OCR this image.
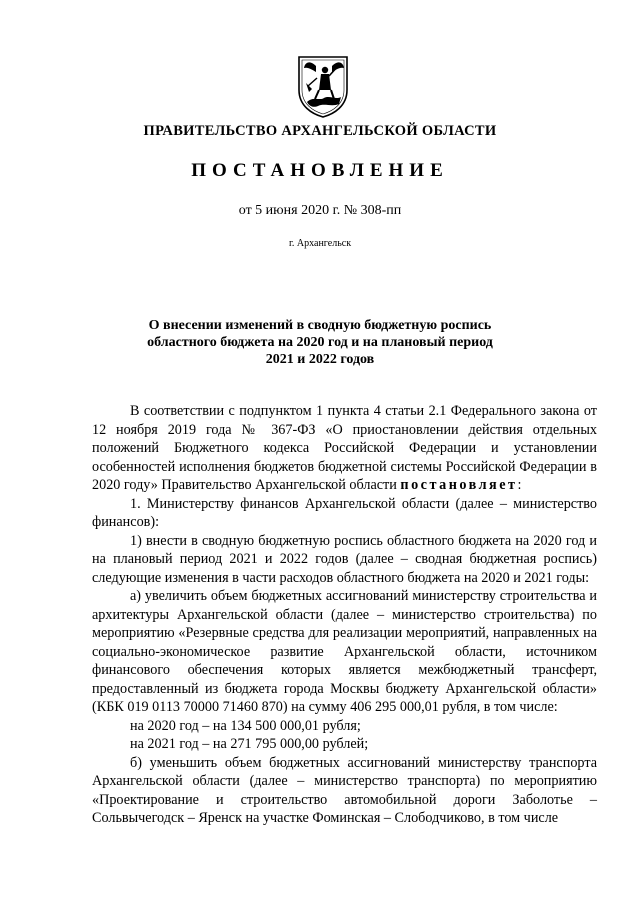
ПРАВИТЕЛЬСТВО АРХАНГЕЛЬСКОЙ ОБЛАСТИ
ПОСТАНОВЛЕНИЕ
от 5 июня 2020 г. № 308-пп
г. Архангельск
О внесении изменений в сводную бюджетную роспись
областного бюджета на 2020 год и на плановый период
2021 и 2022 годов

В соответствии с подпунктом 1 пункта 4 статьи 2.1 Федерального закона от 12 ноября 2019 года № 367-ФЗ «О приостановлении действия отдельных положений Бюджетного кодекса Российской Федерации и установлении особенностей исполнения бюджетов бюджетной системы Российской Федерации в 2020 году» Правительство Архангельской области постановляет:

1. Министерству финансов Архангельской области (далее – министерство финансов):

1) внести в сводную бюджетную роспись областного бюджета на 2020 год и на плановый период 2021 и 2022 годов (далее – сводная бюджетная роспись) следующие изменения в части расходов областного бюджета на 2020 и 2021 годы:

а) увеличить объем бюджетных ассигнований министерству строительства и архитектуры Архангельской области (далее – министерство строительства) по мероприятию «Резервные средства для реализации мероприятий, направленных на социально-экономическое развитие Архангельской области, источником финансового обеспечения которых является межбюджетный трансферт, предоставленный из бюджета города Москвы бюджету Архангельской области» (КБК 019 0113 70000 71460 870) на сумму 406 295 000,01 рубля, в том числе:

на 2020 год – на 134 500 000,01 рубля;

на 2021 год – на 271 795 000,00 рублей;

б) уменьшить объем бюджетных ассигнований министерству транспорта Архангельской области (далее – министерство транспорта) по мероприятию «Проектирование и строительство автомобильной дороги Заболотье – Сольвычегодск – Яренск на участке Фоминская – Слободчиково, в том числе
